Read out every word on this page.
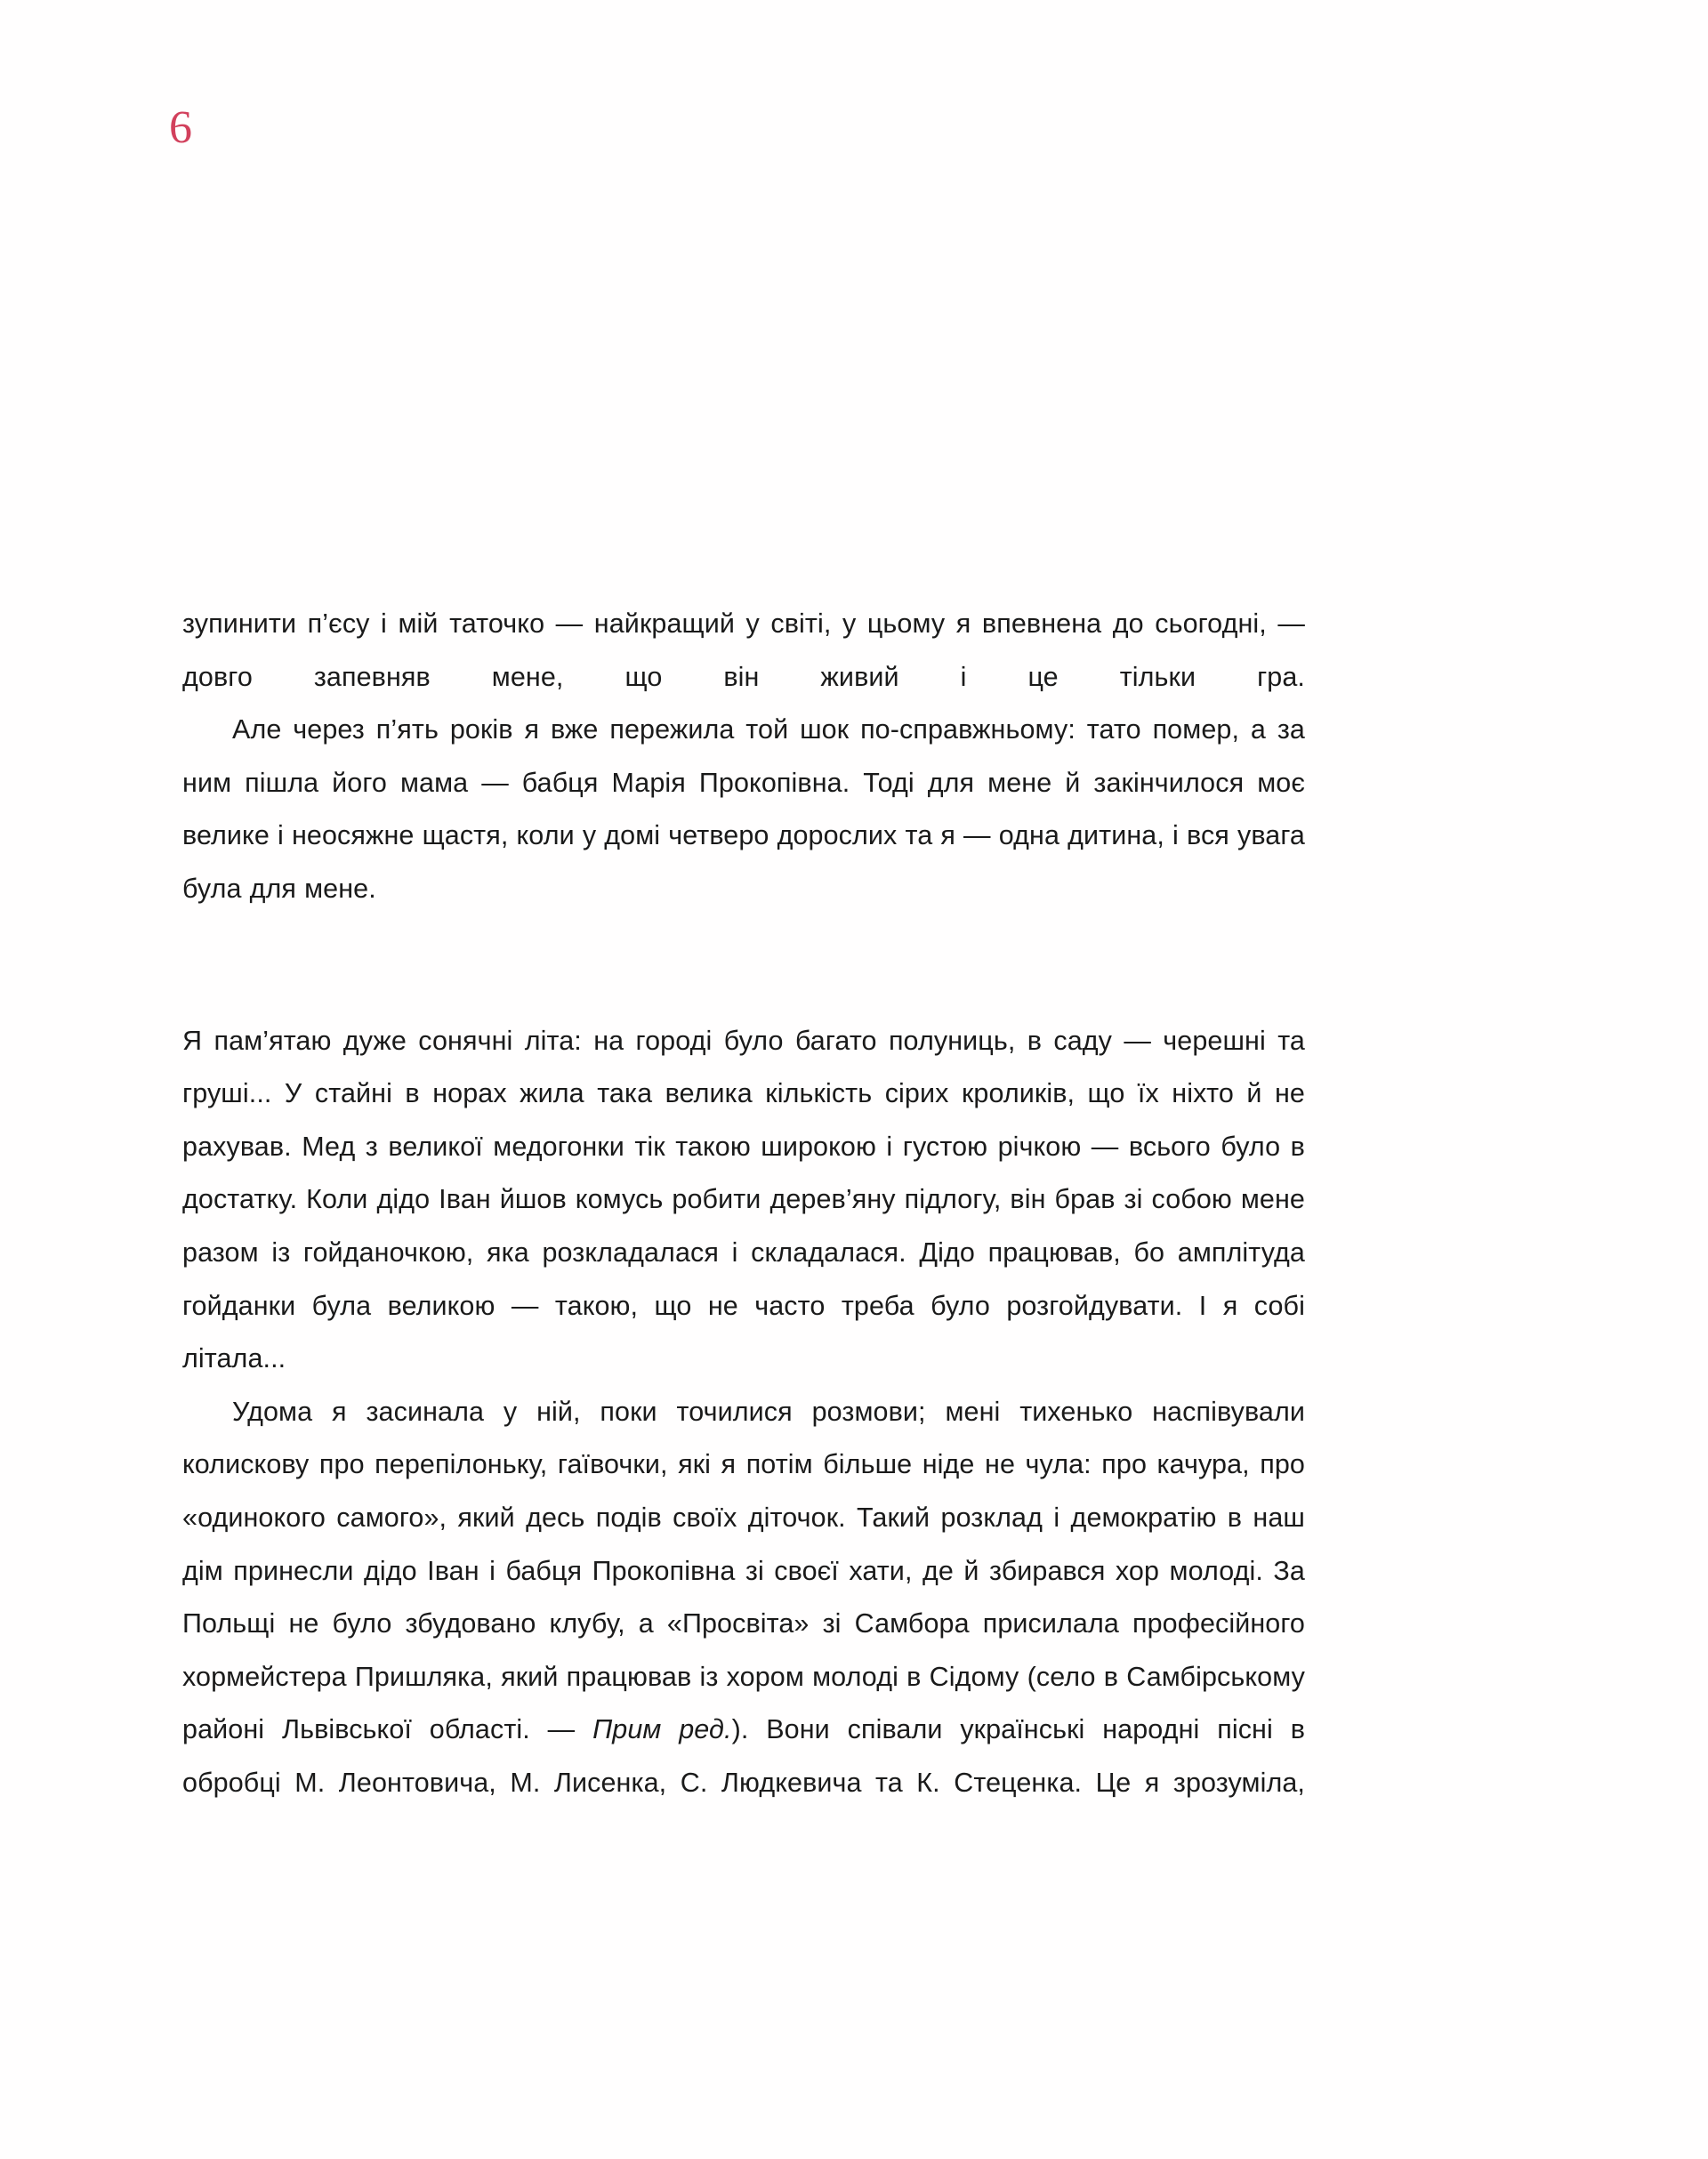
6

зупинити п’єсу і мій таточко — найкращий у світі, у цьому я впевнена до сьогодні, — довго запевняв мене, що він живий і це тільки гра.

Але через п’ять років я вже пережила той шок по-справжньому: тато помер, а за ним пішла його мама — бабця Марія Прокопівна. Тоді для мене й закінчилося моє велике і неосяжне щастя, коли у домі четверо дорослих та я — одна дитина, і вся увага була для мене.

Я пам’ятаю дуже сонячні літа: на городі було багато полуниць, в саду — черешні та груші... У стайні в норах жила така велика кількість сірих кроликів, що їх ніхто й не рахував. Мед з великої медогонки тік такою широкою і густою річкою — всього було в достатку. Коли дідо Іван йшов комусь робити дерев’яну підлогу, він брав зі собою мене разом із гойданочкою, яка розкладалася і складалася. Дідо працював, бо амплітуда гойданки була великою — такою, що не часто треба було розгойдувати. І я собі літала...

Удома я засинала у ній, поки точилися розмови; мені тихенько наспівували колискову про перепілоньку, гаївочки, які я потім більше ніде не чула: про качура, про «одинокого самого», який десь подів своїх діточок. Такий розклад і демократію в наш дім принесли дідо Іван і бабця Прокопівна зі своєї хати, де й збирався хор молоді. За Польщі не було збудовано клубу, а «Просвіта» зі Самбора присилала професійного хормейстера Пришляка, який працював із хором молоді в Сідому (село в Самбірському районі Львівської області. — Прим ред.). Вони співали українські народні пісні в обробці М. Леонтовича, М. Лисенка, С. Людкевича та К. Стеценка. Це я зрозуміла,
